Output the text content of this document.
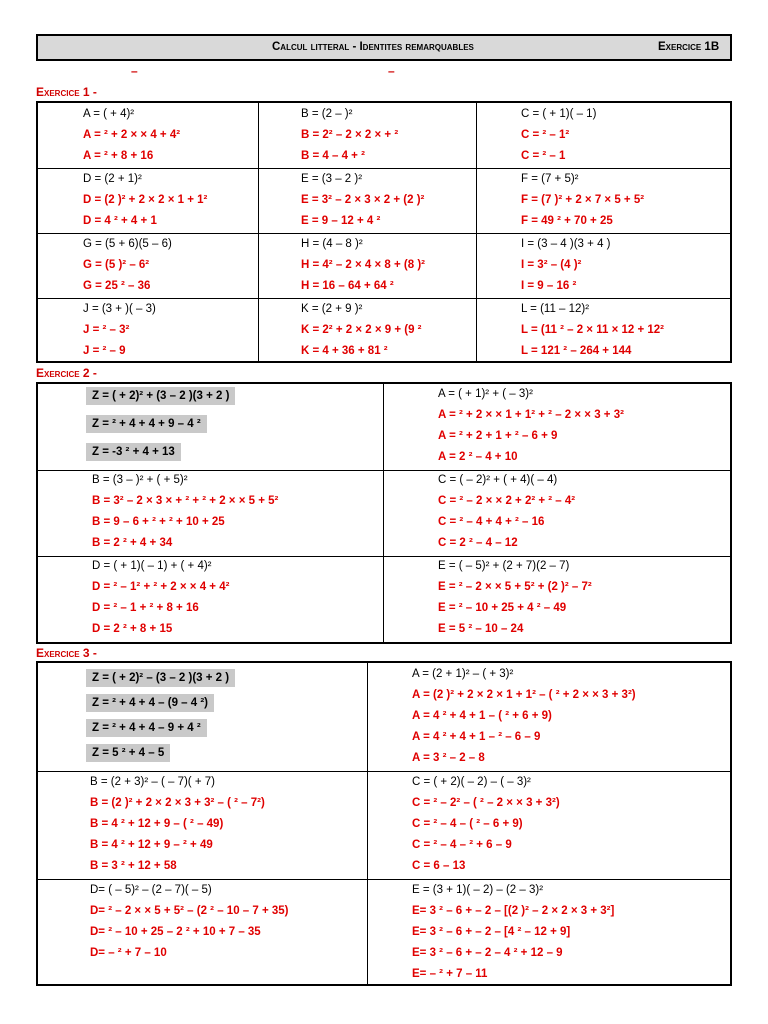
Calcul litteral - Identites remarquables	Exercice 1B
–	–
Exercice 1 -
Exercice 2 -
Exercice 3 -
A = ( + 4)²
A = ² + 2 × × 4 + 4²
A = ² + 8 + 16
B = (2 – )²
B = 2² – 2 × 2 × + ²
B = 4 – 4 + ²
C = ( + 1)( – 1)
C = ² – 1²
C = ² – 1
D = (2 + 1)²
D = (2 )² + 2 × 2 × 1 + 1²
D = 4 ² + 4 + 1
E = (3 – 2 )²
E = 3² – 2 × 3 × 2 + (2 )²
E = 9 – 12 + 4 ²
F = (7 + 5)²
F = (7 )² + 2 × 7 × 5 + 5²
F = 49 ² + 70 + 25
G = (5 + 6)(5 – 6)
G = (5 )² – 6²
G = 25 ² – 36
H = (4 – 8 )²
H = 4² – 2 × 4 × 8 + (8 )²
H = 16 – 64 + 64 ²
I = (3 – 4 )(3 + 4 )
I = 3² – (4 )²
I = 9 – 16 ²
J = (3 + )( – 3)
J = ² – 3²
J = ² – 9
K = (2 + 9 )²
K = 2² + 2 × 2 × 9 + (9 ²
K = 4 + 36 + 81 ²
L = (11 – 12)²
L = (11 ² – 2 × 11 × 12 + 12²
L = 121 ² – 264 + 144
Z = ( + 2)² + (3 – 2 )(3 + 2 )
Z = ² + 4 + 4 + 9 – 4 ²
Z = -3 ² + 4 + 13
A = ( + 1)² + ( – 3)²
A = ² + 2 × × 1 + 1² + ² – 2 × × 3 + 3²
A = ² + 2 + 1 + ² – 6 + 9
A = 2 ² – 4 + 10
B = (3 – )² + ( + 5)²
B = 3² – 2 × 3 × + ² + ² + 2 × × 5 + 5²
B = 9 – 6 + ² + ² + 10 + 25
B = 2 ² + 4 + 34
C = ( – 2)² + ( + 4)( – 4)
C = ² – 2 × × 2 + 2² + ² – 4²
C = ² – 4 + 4 + ² – 16
C = 2 ² – 4 – 12
D = ( + 1)( – 1) + ( + 4)²
D = ² – 1² + ² + 2 × × 4 + 4²
D = ² – 1 + ² + 8 + 16
D = 2 ² + 8 + 15
E = ( – 5)² + (2 + 7)(2 – 7)
E = ² – 2 × × 5 + 5² + (2 )² – 7²
E = ² – 10 + 25 + 4 ² – 49
E = 5 ² – 10 – 24
Z = ( + 2)² – (3 – 2 )(3 + 2 )
Z = ² + 4 + 4 – (9 – 4 ²)
Z = ² + 4 + 4 – 9 + 4 ²
Z = 5 ² + 4 – 5
A = (2 + 1)² – ( + 3)²
A = (2 )² + 2 × 2 × 1 + 1² – ( ² + 2 × × 3 + 3²)
A = 4 ² + 4 + 1 – ( ² + 6 + 9)
A = 4 ² + 4 + 1 – ² – 6 – 9
A = 3 ² – 2 – 8
B = (2 + 3)² – ( – 7)( + 7)
B = (2 )² + 2 × 2 × 3 + 3² – ( ² – 7²)
B = 4 ² + 12 + 9 – ( ² – 49)
B = 4 ² + 12 + 9 – ² + 49
B = 3 ² + 12 + 58
C = ( + 2)( – 2) – ( – 3)²
C = ² – 2² – ( ² – 2 × × 3 + 3²)
C = ² – 4 – ( ² – 6 + 9)
C = ² – 4 – ² + 6 – 9
C = 6 – 13
D= ( – 5)² – (2 – 7)( – 5)
D= ² – 2 × × 5 + 5² – (2 ² – 10 – 7 + 35)
D= ² – 10 + 25 – 2 ² + 10 + 7 – 35
D= – ² + 7 – 10
E = (3 + 1)( – 2) – (2 – 3)²
E= 3 ² – 6 + – 2 – [(2 )² – 2 × 2 × 3 + 3²]
E= 3 ² – 6 + – 2 – [4 ² – 12 + 9]
E= 3 ² – 6 + – 2 – 4 ² + 12 – 9
E= – ² + 7 – 11
